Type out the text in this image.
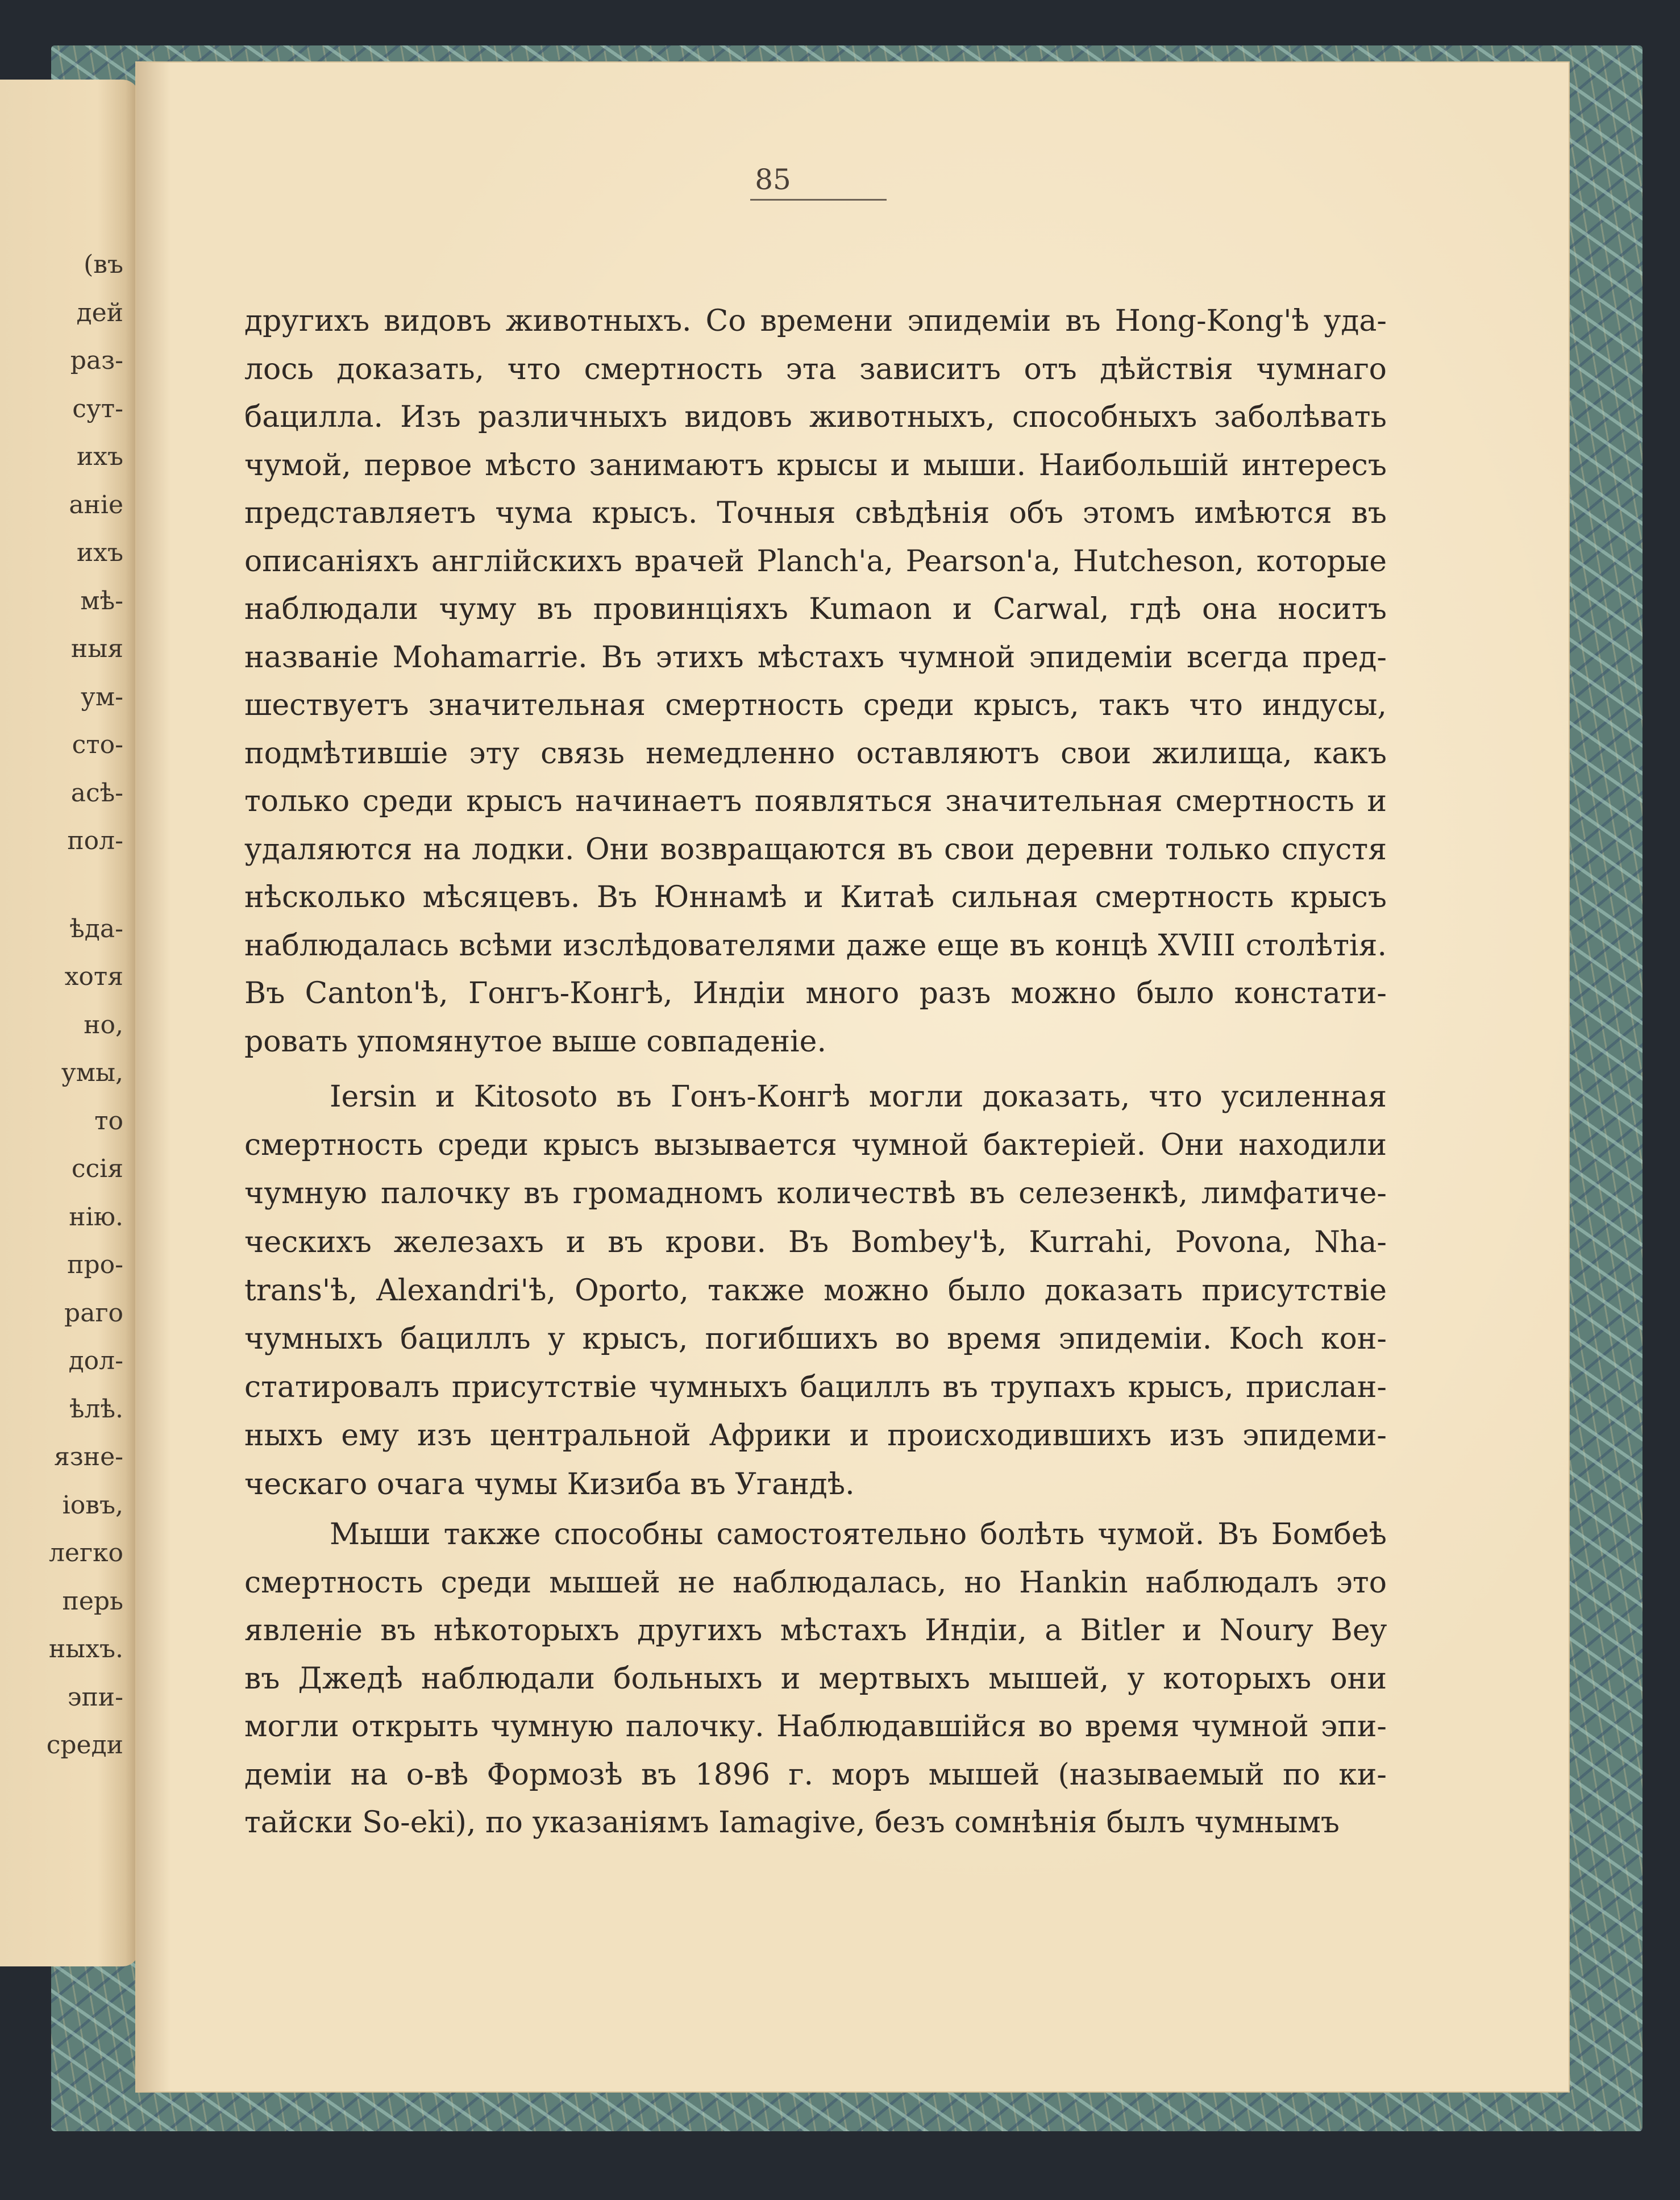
(въ
дей
раз-
сут-
ихъ
аніе
ихъ
мѣ-
ныя
ум-
сто-
асѣ-
пол-
ѣда-
хотя
но,
умы,
то
ссія
нію.
про-
раго
дол-
ѣлѣ.
язне-
іовъ,
легко
перь
ныхъ.
эпи-
среди
85
другихъ видовъ животныхъ. Со времени эпидеміи въ Hong-Kong'ѣ уда-
лось доказать, что смертность эта зависитъ отъ дѣйствія чумнаго
бацилла. Изъ различныхъ видовъ животныхъ, способныхъ заболѣвать
чумой, первое мѣсто занимаютъ крысы и мыши. Наибольшій интересъ
представляетъ чума крысъ. Точныя свѣдѣнія объ этомъ имѣются въ
описаніяхъ англійскихъ врачей Planch'a, Pearson'a, Hutcheson, которые
наблюдали чуму въ провинціяхъ Kumaon и Carwal, гдѣ она носитъ
названіе Mohamarrie. Въ этихъ мѣстахъ чумной эпидеміи всегда пред-
шествуетъ значительная смертность среди крысъ, такъ что индусы,
подмѣтившіе эту связь немедленно оставляютъ свои жилища, какъ
только среди крысъ начинаетъ появляться значительная смертность и
удаляются на лодки. Они возвращаются въ свои деревни только спустя
нѣсколько мѣсяцевъ. Въ Юннамѣ и Китаѣ сильная смертность крысъ
наблюдалась всѣми изслѣдователями даже еще въ концѣ XVIII столѣтія.
Въ Canton'ѣ, Гонгъ-Конгѣ, Индіи много разъ можно было констати-
ровать упомянутое выше совпаденіе.
Iersin и Kitosoto въ Гонъ-Конгѣ могли доказать, что усиленная
смертность среди крысъ вызывается чумной бактеріей. Они находили
чумную палочку въ громадномъ количествѣ въ селезенкѣ, лимфатиче-
ческихъ железахъ и въ крови. Въ Bombey'ѣ, Kurrahi, Povona, Nha-
trans'ѣ, Alexandri'ѣ, Oporto, также можно было доказать присутствіе
чумныхъ бациллъ у крысъ, погибшихъ во время эпидеміи. Koch кон-
статировалъ присутствіе чумныхъ бациллъ въ трупахъ крысъ, прислан-
ныхъ ему изъ центральной Африки и происходившихъ изъ эпидеми-
ческаго очага чумы Кизиба въ Угандѣ.
Мыши также способны самостоятельно болѣть чумой. Въ Бомбеѣ
смертность среди мышей не наблюдалась, но Hankin наблюдалъ это
явленіе въ нѣкоторыхъ другихъ мѣстахъ Индіи, а Bitler и Noury Bey
въ Джедѣ наблюдали больныхъ и мертвыхъ мышей, у которыхъ они
могли открыть чумную палочку. Наблюдавшійся во время чумной эпи-
деміи на о-вѣ Формозѣ въ 1896 г. моръ мышей (называемый по ки-
тайски So-eki), по указаніямъ Iamagive, безъ сомнѣнія былъ чумнымъ
